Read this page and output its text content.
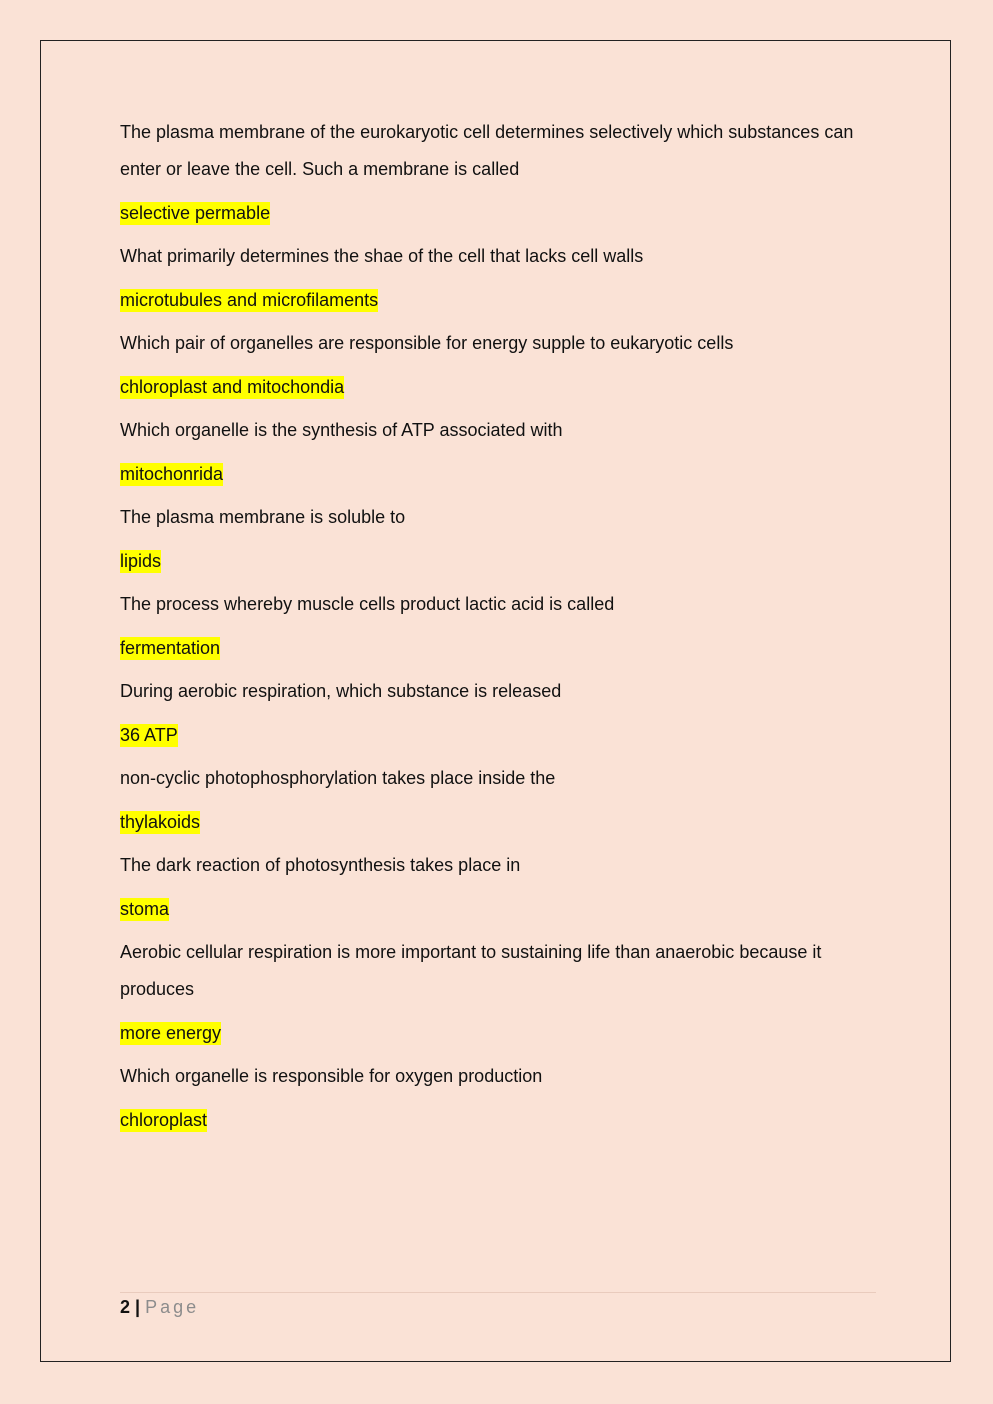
The plasma membrane of the eurokaryotic cell determines selectively which substances can enter or leave the cell. Such a membrane is called

selective permable

What primarily determines the shae of the cell that lacks cell walls

microtubules and microfilaments

Which pair of organelles are responsible for energy supple to eukaryotic cells

chloroplast and mitochondia

Which organelle is the synthesis of ATP associated with

mitochonrida

The plasma membrane is soluble to

lipids

The process whereby muscle cells product lactic acid is called

fermentation

During aerobic respiration, which substance is released

36 ATP

non-cyclic photophosphorylation takes place inside the

thylakoids

The dark reaction of photosynthesis takes place in

stoma

Aerobic cellular respiration is more important to sustaining life than anaerobic because it produces

more energy

Which organelle is responsible for oxygen production

chloroplast

2 | Page
